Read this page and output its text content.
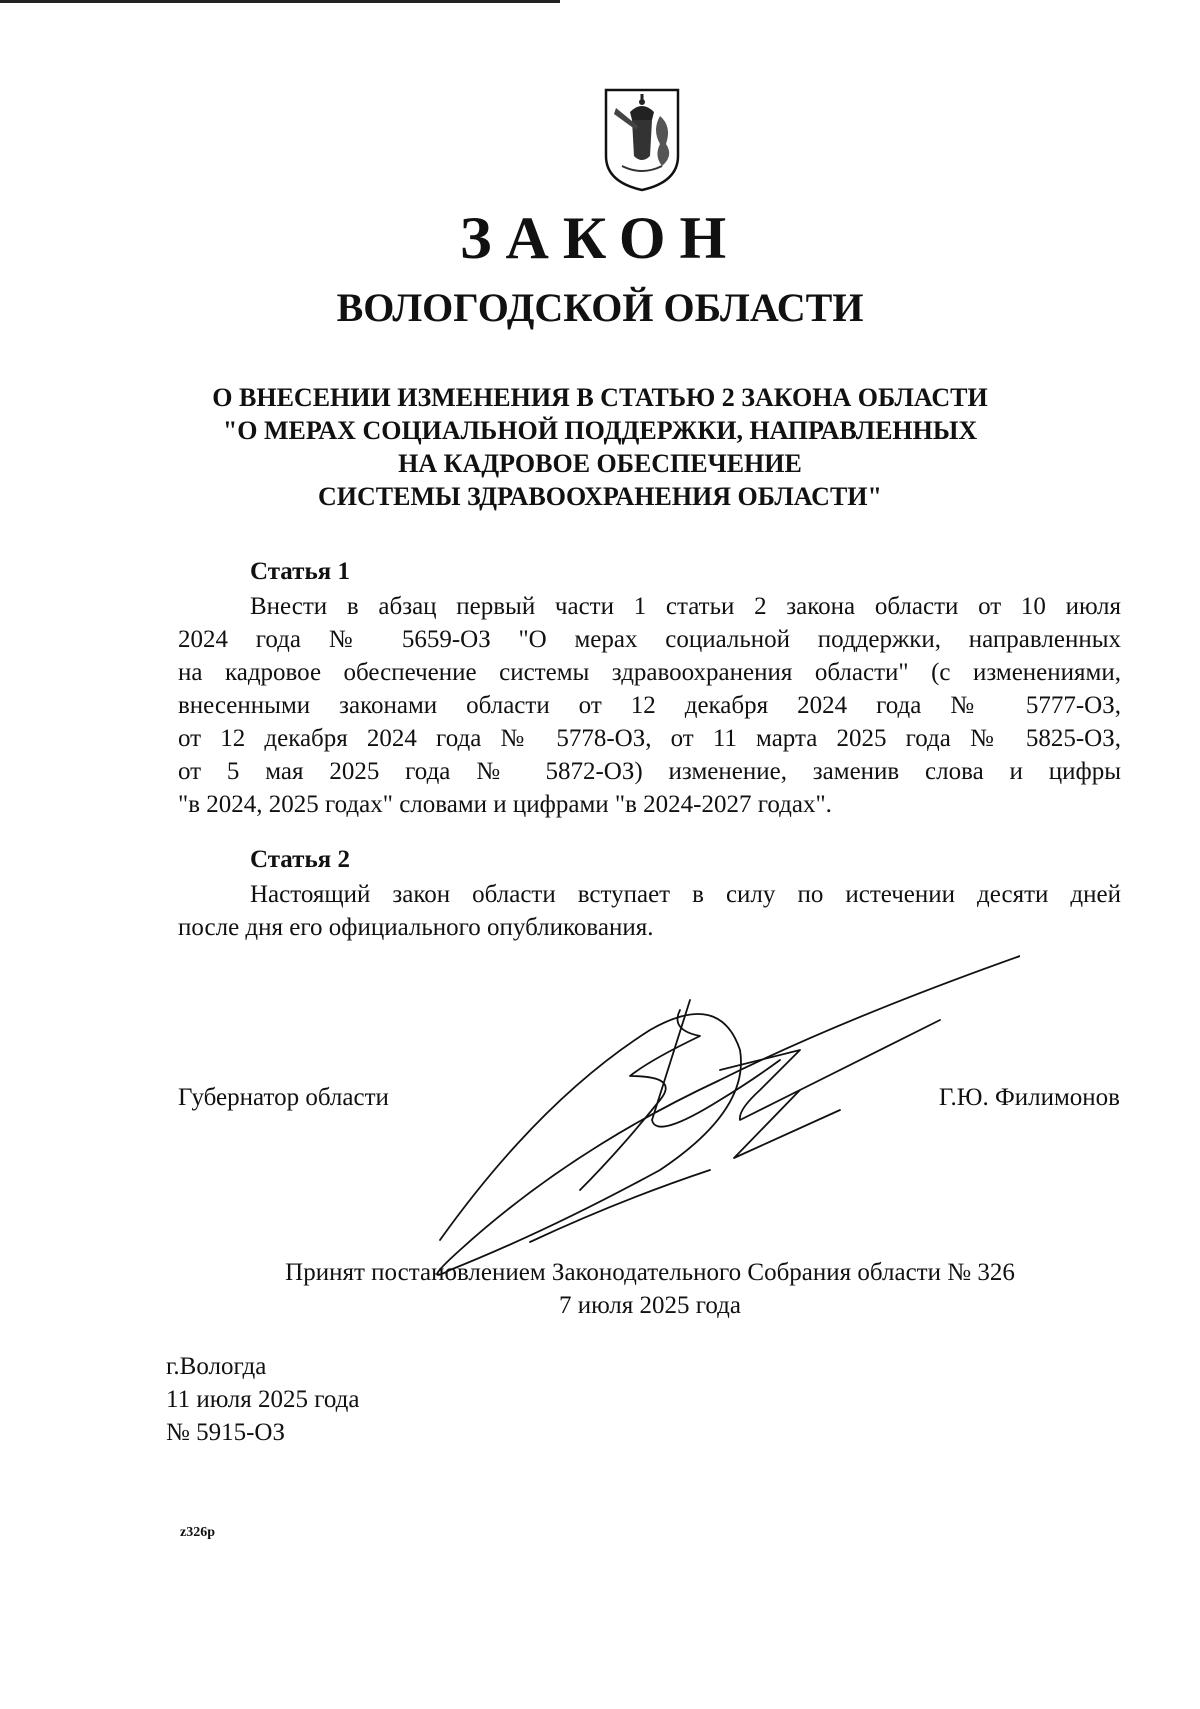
ЗАКОН
ВОЛОГОДСКОЙ ОБЛАСТИ
О ВНЕСЕНИИ ИЗМЕНЕНИЯ В СТАТЬЮ 2 ЗАКОНА ОБЛАСТИ
"О МЕРАХ СОЦИАЛЬНОЙ ПОДДЕРЖКИ, НАПРАВЛЕННЫХ
НА КАДРОВОЕ ОБЕСПЕЧЕНИЕ
СИСТЕМЫ ЗДРАВООХРАНЕНИЯ ОБЛАСТИ"
Статья 1
Внести в абзац первый части 1 статьи 2 закона области от 10 июля
2024 года № 5659-ОЗ "О мерах социальной поддержки, направленных
на кадровое обеспечение системы здравоохранения области" (с изменениями,
внесенными законами области от 12 декабря 2024 года № 5777-ОЗ,
от 12 декабря 2024 года № 5778-ОЗ, от 11 марта 2025 года № 5825-ОЗ,
от 5 мая 2025 года № 5872-ОЗ) изменение, заменив слова и цифры
"в 2024, 2025 годах" словами и цифрами "в 2024-2027 годах".
Статья 2
Настоящий закон области вступает в силу по истечении десяти дней
после дня его официального опубликования.
Губернатор области	Г.Ю. Филимонов
Принят постановлением Законодательного Собрания области № 326
7 июля 2025 года
г.Вологда
11 июля 2025 года
№ 5915-ОЗ
z326p
